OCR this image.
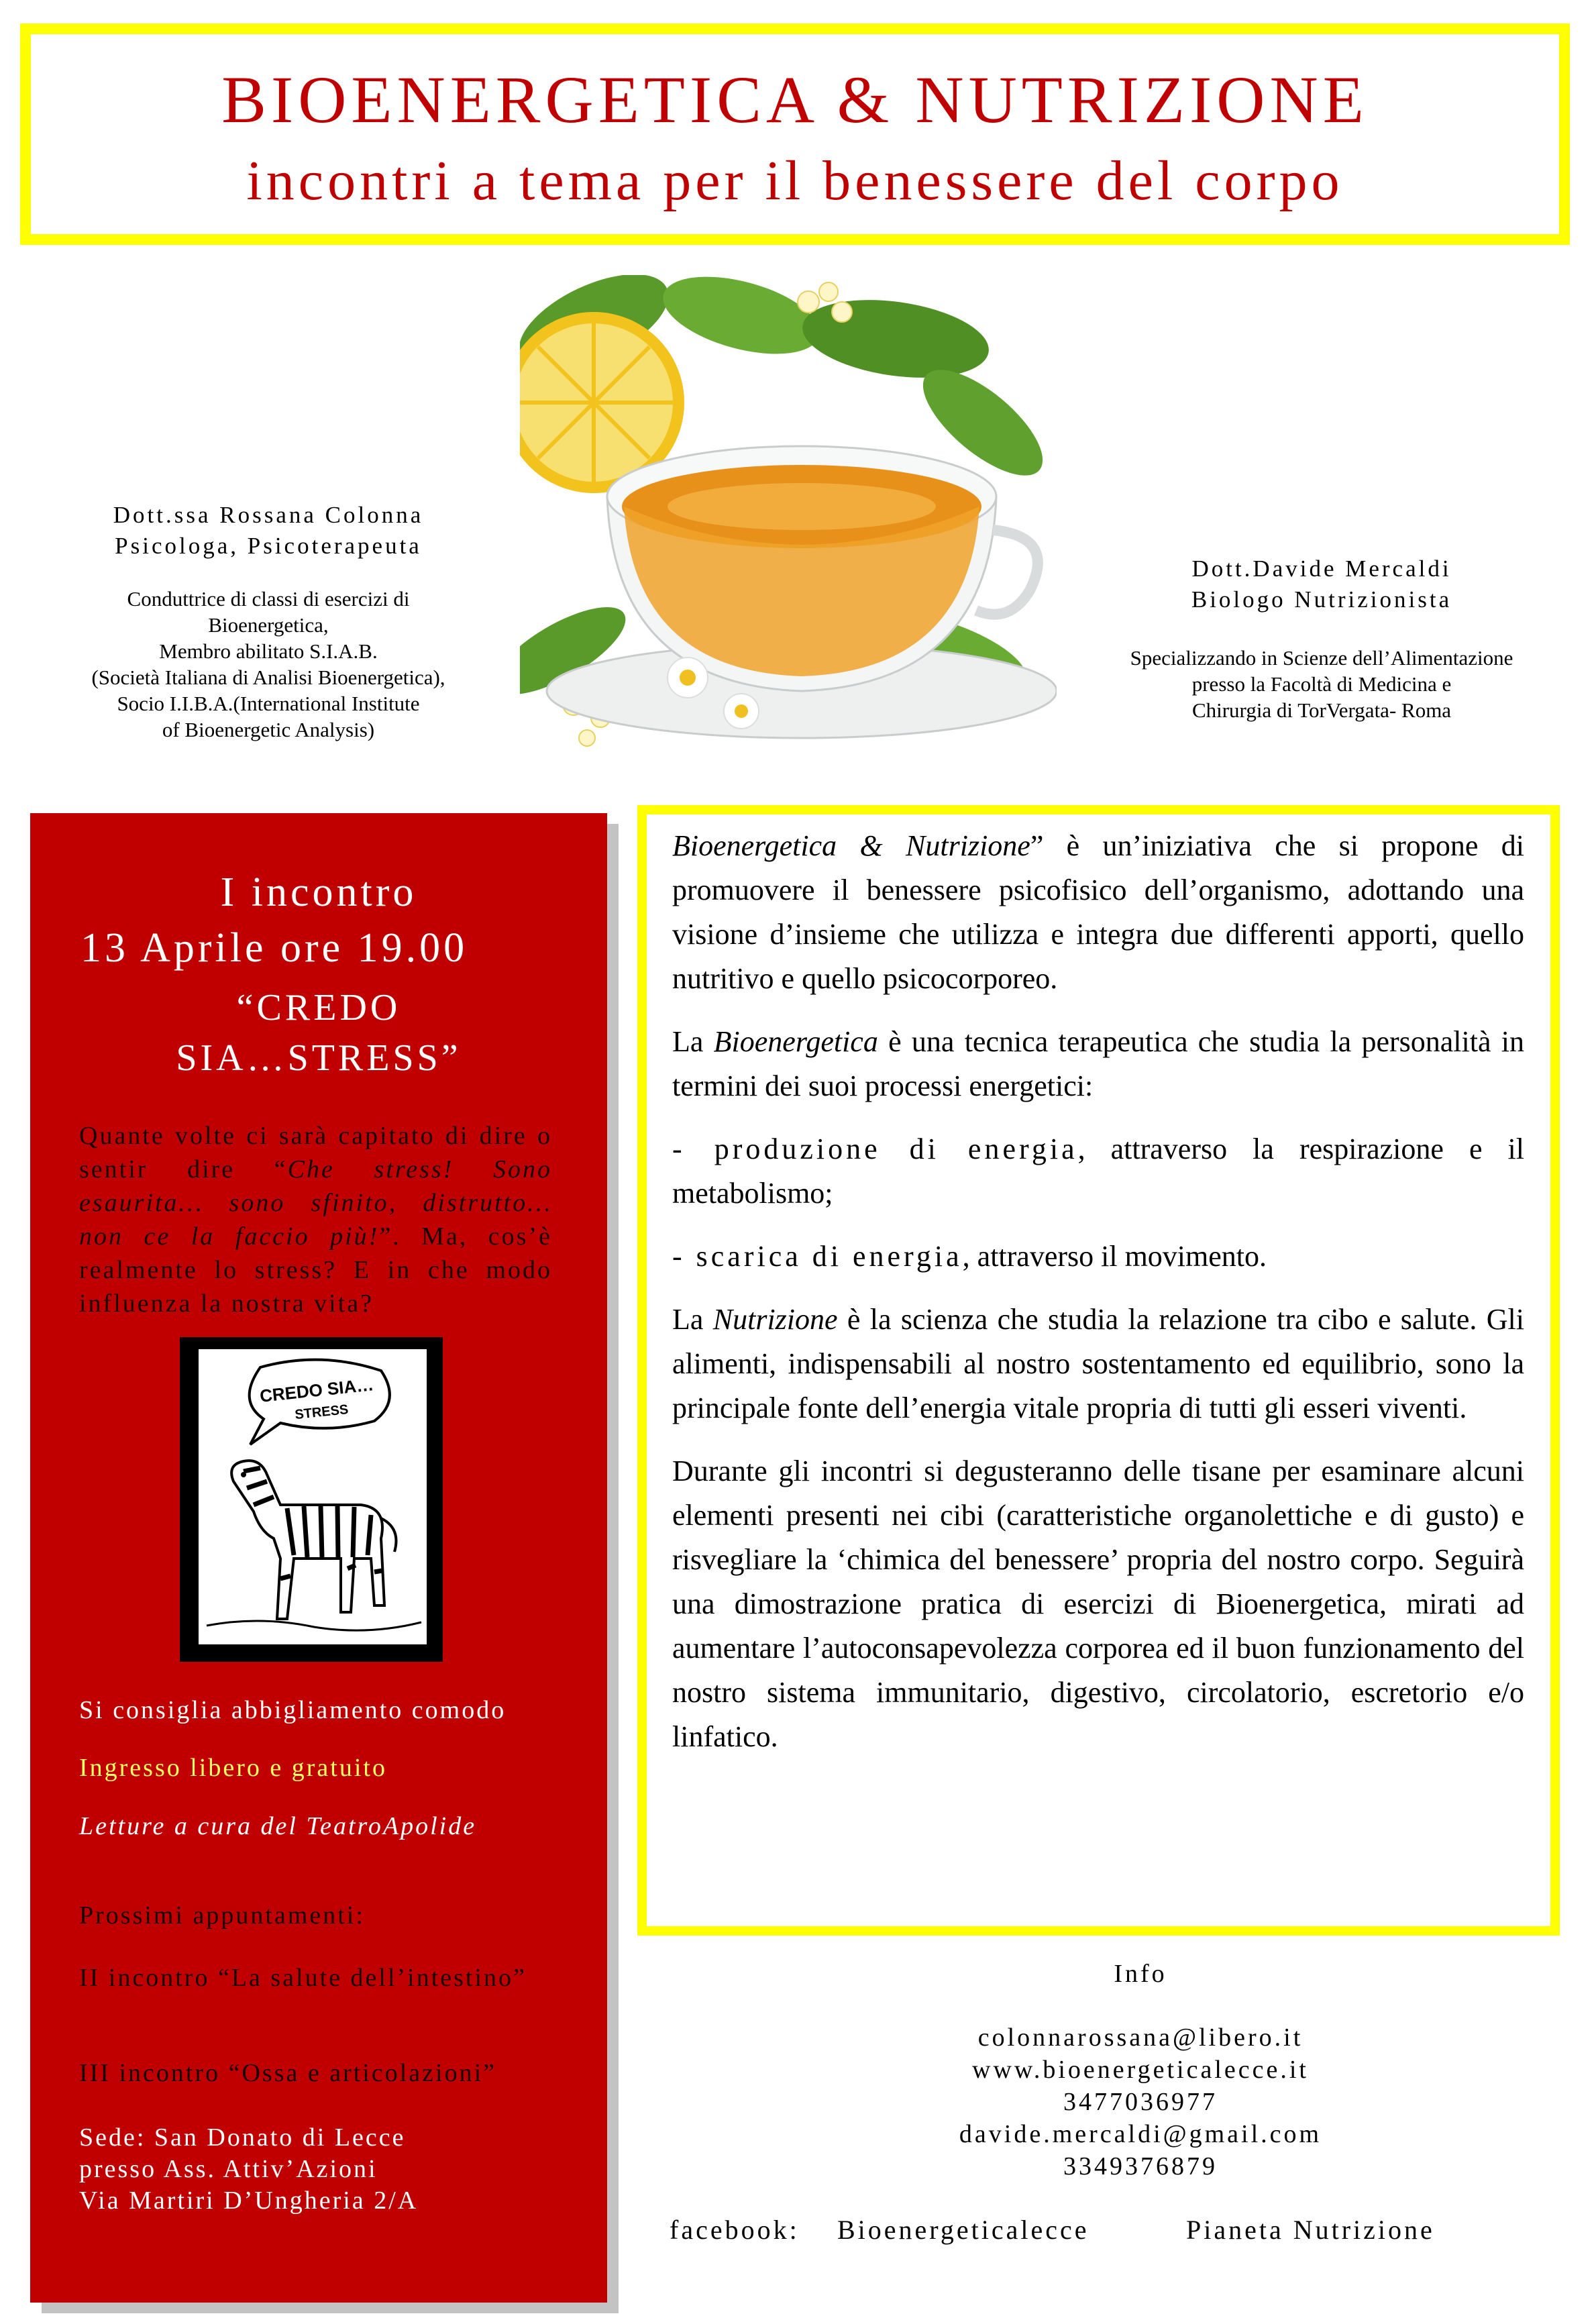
BIOENERGETICA & NUTRIZIONE
incontri a tema per il benessere del corpo
Dott.ssa Rossana Colonna
Psicologa, Psicoterapeuta
Conduttrice di classi di esercizi di
Bioenergetica,
Membro abilitato S.I.A.B.
(Società Italiana di Analisi Bioenergetica),
Socio I.I.B.A.(International Institute
of Bioenergetic Analysis)
Dott.Davide Mercaldi
Biologo Nutrizionista
Specializzando in Scienze dell’Alimentazione
presso la Facoltà di Medicina e
Chirurgia di TorVergata- Roma
I incontro
13 Aprile ore 19.00
“CREDO
SIA…STRESS”
Quante volte ci sarà capitato di dire o sentir dire “Che stress! Sono esaurita… sono sfinito, distrutto… non ce la faccio più!”. Ma, cos’è realmente lo stress? E in che modo influenza la nostra vita?
CREDO SIA…
STRESS
Si consiglia abbigliamento comodo
Ingresso libero e gratuito
Letture a cura del TeatroApolide
Prossimi appuntamenti:
II incontro “La salute dell’intestino”
III incontro “Ossa e articolazioni”
Sede: San Donato di Lecce
presso Ass. Attiv’Azioni
Via Martiri D’Ungheria 2/A

Bioenergetica & Nutrizione” è un’iniziativa che si propone di promuovere il benessere psicofisico dell’organismo, adottando una visione d’insieme che utilizza e integra due differenti apporti, quello nutritivo e quello psicocorporeo.

La Bioenergetica è una tecnica terapeutica che studia la personalità in termini dei suoi processi energetici:

- produzione di energia, attraverso la respirazione e il metabolismo;

- scarica di energia, attraverso il movimento.

La Nutrizione è la scienza che studia la relazione tra cibo e salute. Gli alimenti, indispensabili al nostro sostentamento ed equilibrio, sono la principale fonte dell’energia vitale propria di tutti gli esseri viventi.

Durante gli incontri si degusteranno delle tisane per esaminare alcuni elementi presenti nei cibi (caratteristiche organolettiche e di gusto) e risvegliare la ‘chimica del benessere’ propria del nostro corpo. Seguirà una dimostrazione pratica di esercizi di Bioenergetica, mirati ad aumentare l’autoconsapevolezza corporea ed il buon funzionamento del nostro sistema immunitario, digestivo, circolatorio, escretorio e/o linfatico.

Info
colonnarossana@libero.it
www.bioenergeticalecce.it
3477036977
davide.mercaldi@gmail.com
3349376879
facebook: Bioenergeticalecce	Pianeta Nutrizione
